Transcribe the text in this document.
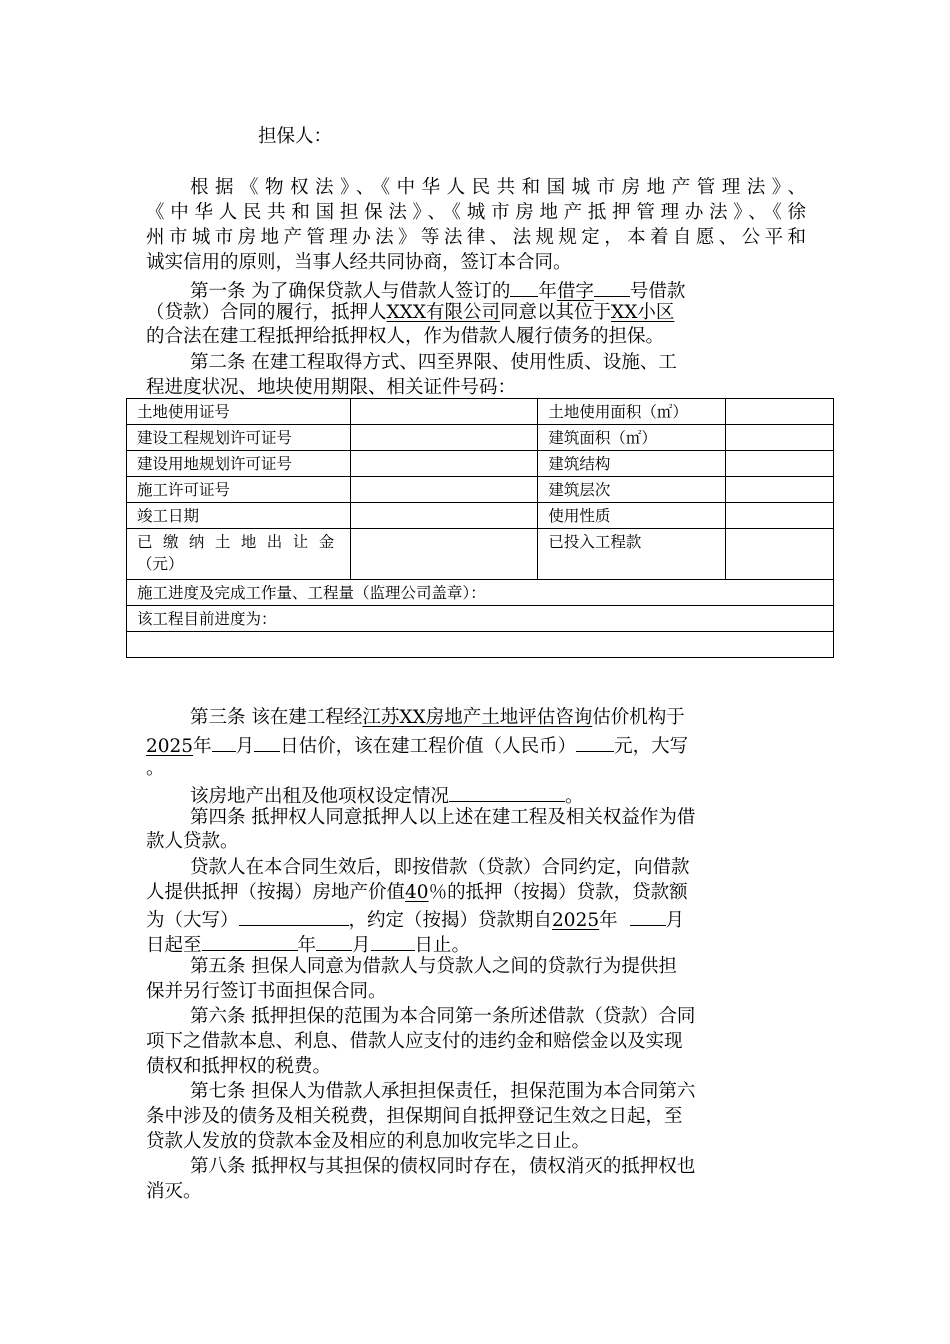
担保人：
根据《物权法》、《中华人民共和国城市房地产管理法》、
《中华人民共和国担保法》、《城市房地产抵押管理办法》、《徐
州市城市房地产管理办法》等法律、法规规定，本着自愿、公平和
诚实信用的原则，当事人经共同协商，签订本合同。
第一条 为了确保贷款人与借款人签订的 年借字 号借款
（贷款）合同的履行，抵押人XXX有限公司同意以其位于XX小区
的合法在建工程抵押给抵押权人，作为借款人履行债务的担保。
第二条 在建工程取得方式、四至界限、使用性质、设施、工
程进度状况、地块使用期限、相关证件号码：
第三条 该在建工程经江苏XX房地产土地评估咨询估价机构于
2025年 月 日估价，该在建工程价值（人民币） 元，大写
。
该房地产出租及他项权设定情况	。
第四条 抵押权人同意抵押人以上述在建工程及相关权益作为借
款人贷款。
贷款人在本合同生效后，即按借款（贷款）合同约定，向借款
人提供抵押（按揭）房地产价值40％的抵押（按揭）贷款，贷款额
为（大写）	，约定（按揭）贷款期自2025年	月
日起至	年 月 日止。
第五条 担保人同意为借款人与贷款人之间的贷款行为提供担
保并另行签订书面担保合同。
第六条 抵押担保的范围为本合同第一条所述借款（贷款）合同
项下之借款本息、利息、借款人应支付的违约金和赔偿金以及实现
债权和抵押权的税费。
第七条 担保人为借款人承担担保责任，担保范围为本合同第六
条中涉及的债务及相关税费，担保期间自抵押登记生效之日起，至
贷款人发放的贷款本金及相应的利息加收完毕之日止。
第八条 抵押权与其担保的债权同时存在，债权消灭的抵押权也
消灭。
土地使用证号		土地使用面积（㎡）	
建设工程规划许可证号		建筑面积（㎡）	
建设用地规划许可证号		建筑结构	
施工许可证号		建筑层次	
竣工日期		使用性质	

已缴纳土地出让金
（元）		已投入工程款	
施工进度及完成工作量、工程量（监理公司盖章）：			
该工程目前进度为：			
